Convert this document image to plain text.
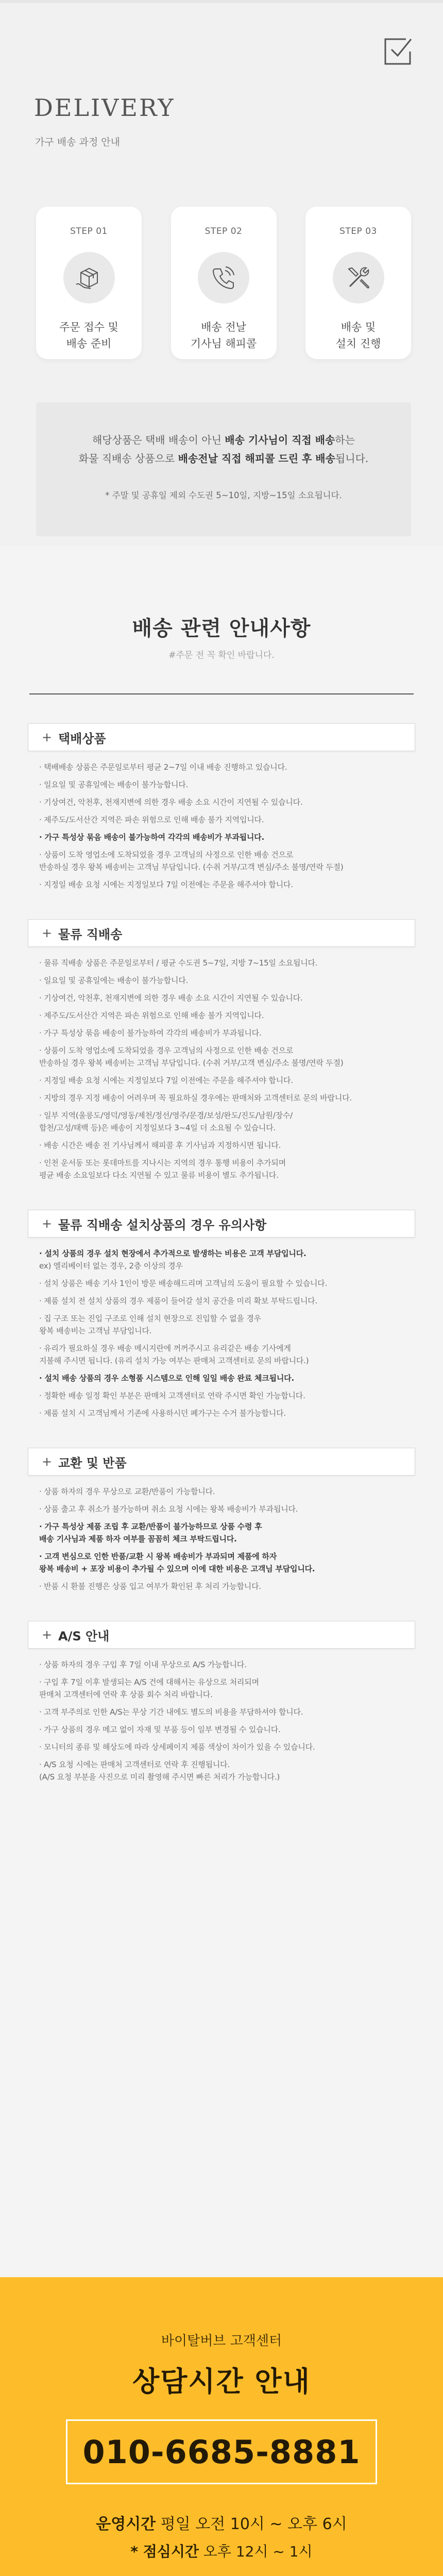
DELIVERY
가구 배송 과정 안내
STEP 01
주문 접수 및
배송 준비
STEP 02
배송 전날
기사님 해피콜
STEP 03
배송 및
설치 진행
해당상품은 택배 배송이 아닌 배송 기사님이 직접 배송하는
화물 직배송 상품으로 배송전날 직접 해피콜 드린 후 배송됩니다.
* 주말 및 공휴일 제외 수도권 5~10일, 지방~15일 소요됩니다.
배송 관련 안내사항
#주문 전 꼭 확인 바랍니다.
+ 택배상품

· 택배배송 상품은 주문일로부터 평균 2~7일 이내 배송 진행하고 있습니다.

· 일요일 및 공휴일에는 배송이 불가능합니다.

· 기상여건, 악천후, 천재지변에 의한 경우 배송 소요 시간이 지연될 수 있습니다.

· 제주도/도서산간 지역은 파손 위험으로 인해 배송 불가 지역입니다.

· 가구 특성상 묶음 배송이 불가능하여 각각의 배송비가 부과됩니다.

· 상품이 도착 영업소에 도착되었을 경우 고객님의 사정으로 인한 배송 건으로

반송하실 경우 왕복 배송비는 고객님 부담입니다. (수취 거부/고객 변심/주소 불명/연락 두절)

· 지정일 배송 요청 시에는 지정일보다 7일 이전에는 주문을 해주셔야 합니다.

+ 물류 직배송

· 물류 직배송 상품은 주문일로부터 / 평균 수도권 5~7일, 지방 7~15일 소요됩니다.

· 일요일 및 공휴일에는 배송이 불가능합니다.

· 기상여건, 악천후, 천재지변에 의한 경우 배송 소요 시간이 지연될 수 있습니다.

· 제주도/도서산간 지역은 파손 위험으로 인해 배송 불가 지역입니다.

· 가구 특성상 묶음 배송이 불가능하여 각각의 배송비가 부과됩니다.

· 상품이 도착 영업소에 도착되었을 경우 고객님의 사정으로 인한 배송 건으로

반송하실 경우 왕복 배송비는 고객님 부담입니다. (수취 거부/고객 변심/주소 불명/연락 두절)

· 지정일 배송 요청 시에는 지정일보다 7일 이전에는 주문을 해주셔야 합니다.

· 지방의 경우 지정 배송이 어려우며 꼭 필요하실 경우에는 판매처와 고객센터로 문의 바랍니다.

· 일부 지역(울릉도/영덕/영동/제천/정선/영주/문경/보성/완도/진도/남원/장수/

합천/고성/태백 등)은 배송이 지정일보다 3~4일 더 소요될 수 있습니다.

· 배송 시간은 배송 전 기사님께서 해피콜 후 기사님과 지정하시면 됩니다.

· 인천 운서동 또는 롯데마트를 지나시는 지역의 경우 통행 비용이 추가되며

평균 배송 소요일보다 다소 지연될 수 있고 물류 비용이 별도 추가됩니다.

+ 물류 직배송 설치상품의 경우 유의사항

· 설치 상품의 경우 설치 현장에서 추가적으로 발생하는 비용은 고객 부담입니다.

ex) 엘리베이터 없는 경우, 2층 이상의 경우

· 설치 상품은 배송 기사 1인이 방문 배송해드리며 고객님의 도움이 필요할 수 있습니다.

· 제품 설치 전 설치 상품의 경우 제품이 들어갈 설치 공간을 미리 확보 부탁드립니다.

· 집 구조 또는 진입 구조로 인해 설치 현장으로 진입할 수 없을 경우

왕복 배송비는 고객님 부담입니다.

· 유리가 필요하실 경우 배송 메시지란에 꺼꺼주시고 유리같은 배송 기사에게

지불해 주시면 됩니다. (유리 설치 가능 여부는 판매처 고객센터로 문의 바랍니다.)

· 설치 배송 상품의 경우 소형품 시스템으로 인해 일일 배송 완료 체크됩니다.

· 정확한 배송 일정 확인 부분은 판매처 고객센터로 연락 주시면 확인 가능합니다.

· 제품 설치 시 고객님께서 기존에 사용하시던 폐가구는 수거 불가능합니다.

+ 교환 및 반품

· 상품 하자의 경우 무상으로 교환/반품이 가능합니다.

· 상품 출고 후 취소가 불가능하며 취소 요청 시에는 왕복 배송비가 부과됩니다.

· 가구 특성상 제품 조립 후 교환/반품이 불가능하므로 상품 수령 후

배송 기사님과 제품 하자 여부를 꼼꼼히 체크 부탁드립니다.

· 고객 변심으로 인한 반품/교환 시 왕복 배송비가 부과되며 제품에 하자

왕복 배송비 + 포장 비용이 추가될 수 있으며 이에 대한 비용은 고객님 부담입니다.

· 반품 시 환불 진행은 상품 입고 여부가 확인된 후 처리 가능합니다.

+ A/S 안내

· 상품 하자의 경우 구입 후 7일 이내 무상으로 A/S 가능합니다.

· 구입 후 7일 이후 발생되는 A/S 건에 대해서는 유상으로 처리되며

판매처 고객센터에 연락 후 상품 회수 처리 바랍니다.

· 고객 부주의로 인한 A/S는 무상 기간 내에도 별도의 비용을 부담하셔야 합니다.

· 가구 상품의 경우 메고 없이 자재 및 부품 등이 일부 변경될 수 있습니다.

· 모니터의 종류 및 해상도에 따라 상세페이지 제품 색상이 차이가 있을 수 있습니다.

· A/S 요청 시에는 판매처 고객센터로 연락 후 진행됩니다.

(A/S 요청 부분을 사진으로 미리 촬영해 주시면 빠른 처리가 가능합니다.)

바이탈버브 고객센터
상담시간 안내
010-6685-8881
운영시간 평일 오전 10시 ~ 오후 6시
* 점심시간 오후 12시 ~ 1시
